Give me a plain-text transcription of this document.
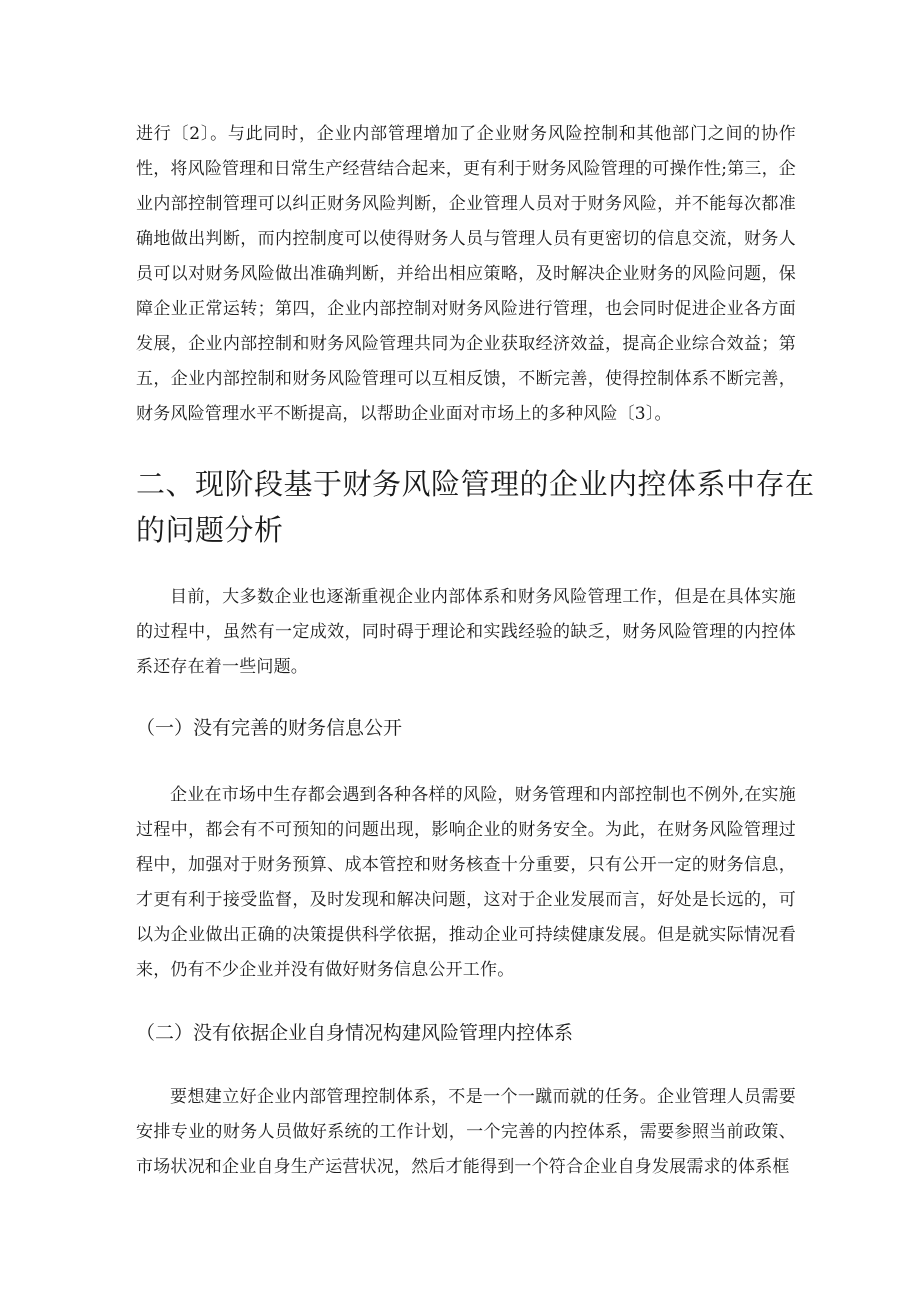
进行〔2〕。与此同时，企业内部管理增加了企业财务风险控制和其他部门之间的协作性，将风险管理和日常生产经营结合起来，更有利于财务风险管理的可操作性;第三，企业内部控制管理可以纠正财务风险判断，企业管理人员对于财务风险，并不能每次都准确地做出判断，而内控制度可以使得财务人员与管理人员有更密切的信息交流，财务人员可以对财务风险做出准确判断，并给出相应策略，及时解决企业财务的风险问题，保障企业正常运转；第四，企业内部控制对财务风险进行管理，也会同时促进企业各方面发展，企业内部控制和财务风险管理共同为企业获取经济效益，提高企业综合效益；第五，企业内部控制和财务风险管理可以互相反馈，不断完善，使得控制体系不断完善，财务风险管理水平不断提高，以帮助企业面对市场上的多种风险〔3〕。

二、现阶段基于财务风险管理的企业内控体系中存在的问题分析

目前，大多数企业也逐渐重视企业内部体系和财务风险管理工作，但是在具体实施的过程中，虽然有一定成效，同时碍于理论和实践经验的缺乏，财务风险管理的内控体系还存在着一些问题。

（一）没有完善的财务信息公开

企业在市场中生存都会遇到各种各样的风险，财务管理和内部控制也不例外,在实施过程中，都会有不可预知的问题出现，影响企业的财务安全。为此，在财务风险管理过程中，加强对于财务预算、成本管控和财务核查十分重要，只有公开一定的财务信息，才更有利于接受监督，及时发现和解决问题，这对于企业发展而言，好处是长远的，可以为企业做出正确的决策提供科学依据，推动企业可持续健康发展。但是就实际情况看来，仍有不少企业并没有做好财务信息公开工作。

（二）没有依据企业自身情况构建风险管理内控体系

要想建立好企业内部管理控制体系，不是一个一蹴而就的任务。企业管理人员需要安排专业的财务人员做好系统的工作计划，一个完善的内控体系，需要参照当前政策、市场状况和企业自身生产运营状况，然后才能得到一个符合企业自身发展需求的体系框
